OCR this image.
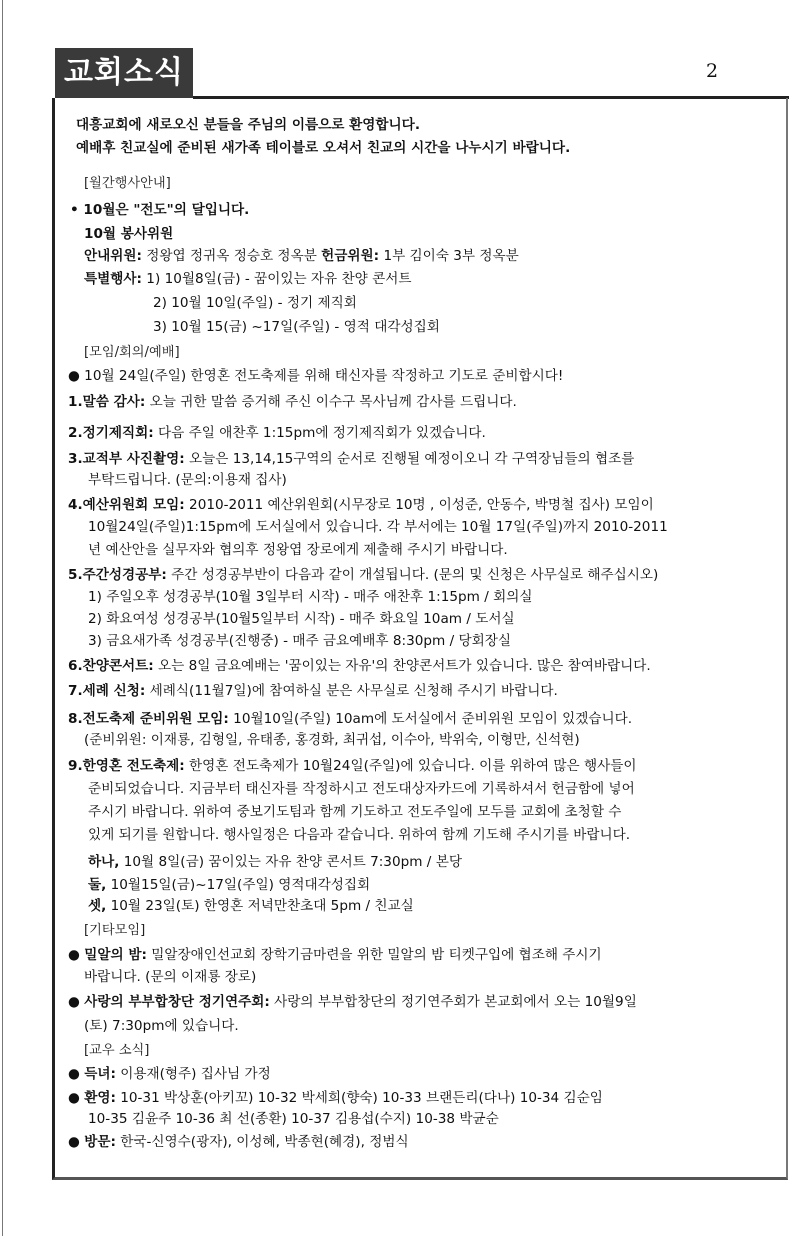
교회소식	2
대흥교회에 새로오신 분들을 주님의 이름으로 환영합니다.
예배후 친교실에 준비된 새가족 테이블로 오셔서 친교의 시간을 나누시기 바랍니다.
[월간행사안내]
• 10월은 "전도"의 달입니다.
10월 봉사위원
안내위원: 정왕엽 정귀옥 정승호 정옥분 헌금위원: 1부 김이숙 3부 정옥분
특별행사: 1) 10월8일(금) - 꿈이있는 자유 찬양 콘서트
2) 10월 10일(주일) - 정기 제직회
3) 10월 15(금) ~17일(주일) - 영적 대각성집회
[모임/회의/예배]
● 10월 24일(주일) 한영혼 전도축제를 위해 태신자를 작정하고 기도로 준비합시다!
1.말씀 감사: 오늘 귀한 말씀 증거해 주신 이수구 목사님께 감사를 드립니다.
2.정기제직회: 다음 주일 애찬후 1:15pm에 정기제직회가 있겠습니다.
3.교적부 사진촬영: 오늘은 13,14,15구역의 순서로 진행될 예정이오니 각 구역장님들의 협조를
부탁드립니다. (문의:이용재 집사)
4.예산위원회 모임: 2010-2011 예산위원회(시무장로 10명 , 이성준, 안동수, 박명철 집사) 모임이
10월24일(주일)1:15pm에 도서실에서 있습니다. 각 부서에는 10월 17일(주일)까지 2010-2011
년 예산안을 실무자와 협의후 정왕엽 장로에게 제출해 주시기 바랍니다.
5.주간성경공부: 주간 성경공부반이 다음과 같이 개설됩니다. (문의 및 신청은 사무실로 해주십시오)
1) 주일오후 성경공부(10월 3일부터 시작) - 매주 애찬후 1:15pm / 회의실
2) 화요여성 성경공부(10월5일부터 시작) - 매주 화요일 10am / 도서실
3) 금요새가족 성경공부(진행중) - 매주 금요예배후 8:30pm / 당회장실
6.찬양콘서트: 오는 8일 금요예배는 '꿈이있는 자유'의 찬양콘서트가 있습니다. 많은 참여바랍니다.
7.세례 신청: 세례식(11월7일)에 참여하실 분은 사무실로 신청해 주시기 바랍니다.
8.전도축제 준비위원 모임: 10월10일(주일) 10am에 도서실에서 준비위원 모임이 있겠습니다.
(준비위원: 이재룡, 김형일, 유태종, 홍경화, 최귀섭, 이수아, 박위숙, 이형만, 신석현)
9.한영혼 전도축제: 한영혼 전도축제가 10월24일(주일)에 있습니다. 이를 위하여 많은 행사들이
준비되었습니다. 지금부터 태신자를 작정하시고 전도대상자카드에 기록하셔서 헌금함에 넣어
주시기 바랍니다. 위하여 중보기도팀과 함께 기도하고 전도주일에 모두를 교회에 초청할 수
있게 되기를 원합니다. 행사일정은 다음과 같습니다. 위하여 함께 기도해 주시기를 바랍니다.
하나, 10월 8일(금) 꿈이있는 자유 찬양 콘서트 7:30pm / 본당
둘, 10월15일(금)~17일(주일) 영적대각성집회
셋, 10월 23일(토) 한영혼 저녁만찬초대 5pm / 친교실
[기타모임]
● 밀알의 밤: 밀알장애인선교회 장학기금마련을 위한 밀알의 밤 티켓구입에 협조해 주시기
바랍니다. (문의 이재룡 장로)
● 사랑의 부부합창단 정기연주회: 사랑의 부부합창단의 정기연주회가 본교회에서 오는 10월9일
(토) 7:30pm에 있습니다.
[교우 소식]
● 득녀: 이용재(형주) 집사님 가정
● 환영: 10-31 박상훈(아키꼬) 10-32 박세희(향숙) 10-33 브랜든리(다나) 10-34 김순임
10-35 김윤주 10-36 최 선(종환) 10-37 김용섭(수지) 10-38 박균순
● 방문: 한국-신영수(광자), 이성혜, 박종현(혜경), 정범식
